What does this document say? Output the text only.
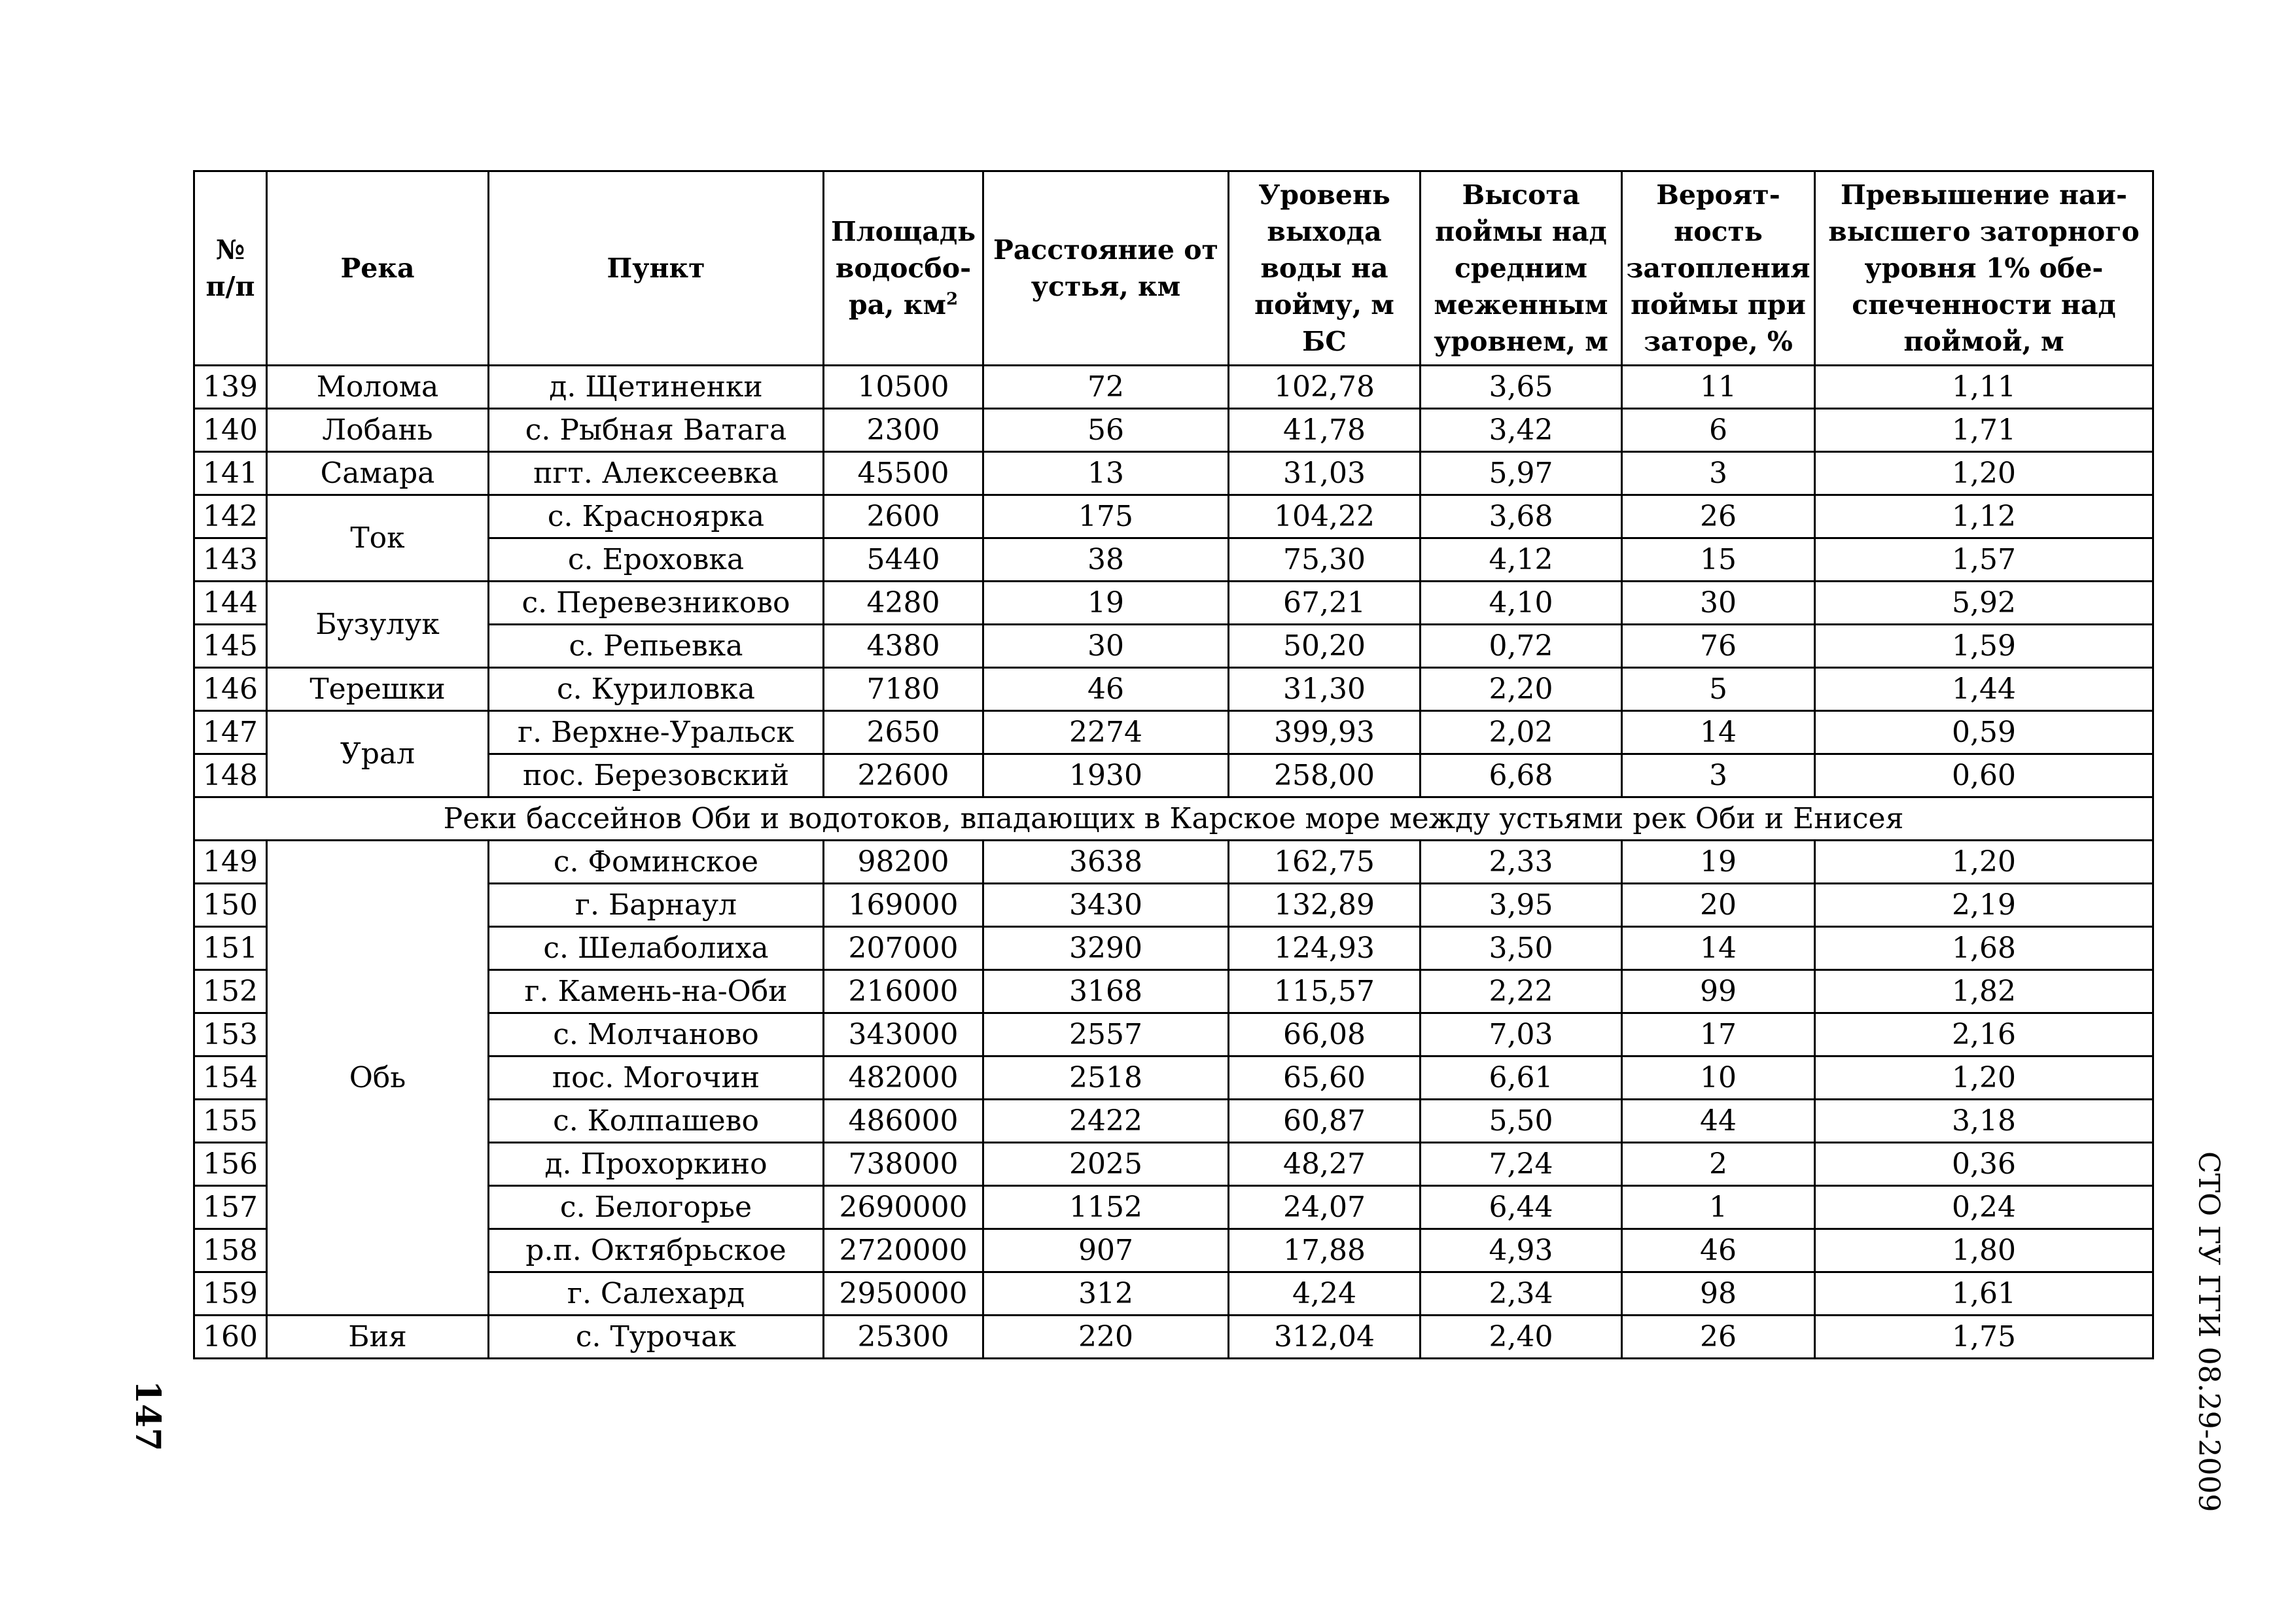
№ п/п	Река	Пункт	Площадь водосбо-ра, $км^2$	Расстояние от устья, км	Уровень выхода воды на пойму, м БС	Высота поймы над средним меженным уровнем, м	Вероят-ность затопления поймы при заторе, %	Превышение наи-высшего заторного уровня 1% обе-спеченности над поймой, м
139	Молома	д. Щетиненки	10500	72	102,78	3,65	11	1,11
140	Лобань	с. Рыбная Ватага	2300	56	41,78	3,42	6	1,71
141	Самара	пгт. Алексеевка	45500	13	31,03	5,97	3	1,20
142	Ток	с. Красноярка	2600	175	104,22	3,68	26	1,12
143		с. Ероховка	5440	38	75,30	4,12	15	1,57
144	Бузулук	с. Перевезниково	4280	19	67,21	4,10	30	5,92
145		с. Репьевка	4380	30	50,20	0,72	76	1,59
146	Терешки	с. Куриловка	7180	46	31,30	2,20	5	1,44
147	Урал	г. Верхне-Уральск	2650	2274	399,93	2,02	14	0,59
148		пос. Березовский	22600	1930	258,00	6,68	3	0,60
Реки бассейнов Оби и водотоков, впадающих в Карское море между устьями рек Оби и Енисея								
149	Обь	с. Фоминское	98200	3638	162,75	2,33	19	1,20
150		г. Барнаул	169000	3430	132,89	3,95	20	2,19
151		с. Шелаболиха	207000	3290	124,93	3,50	14	1,68
152		г. Камень-на-Оби	216000	3168	115,57	2,22	99	1,82
153		с. Молчаново	343000	2557	66,08	7,03	17	2,16
154		пос. Могочин	482000	2518	65,60	6,61	10	1,20
155		с. Колпашево	486000	2422	60,87	5,50	44	3,18
156		д. Прохоркино	738000	2025	48,27	7,24	2	0,36
157		с. Белогорье	2690000	1152	24,07	6,44	1	0,24
158		р.п. Октябрьское	2720000	907	17,88	4,93	46	1,80
159		г. Салехард	2950000	312	4,24	2,34	98	1,61
160	Бия	с. Турочак	25300	220	312,04	2,40	26	1,75
147	СТО ГУ ГГИ 08.29-2009
